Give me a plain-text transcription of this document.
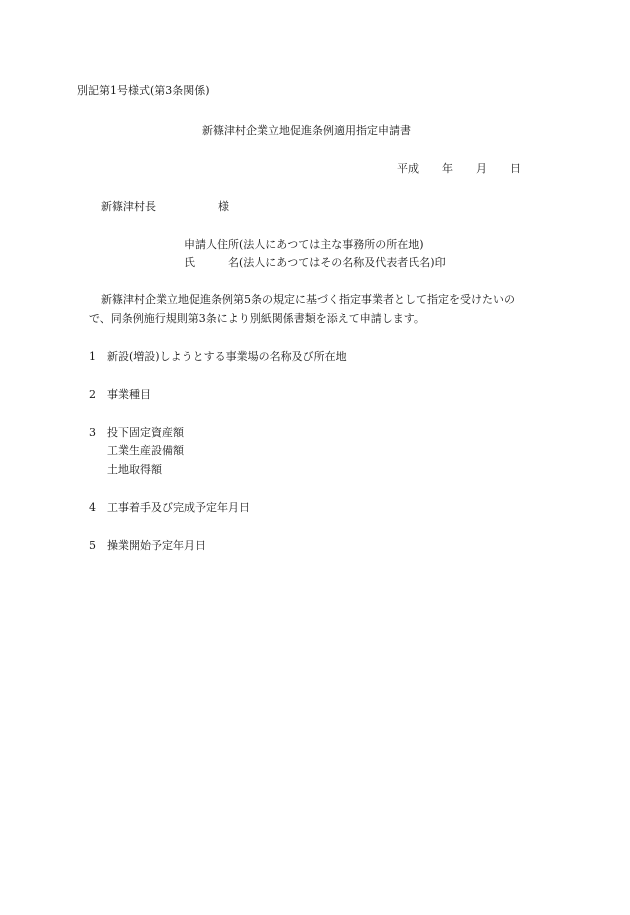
別記第1号様式(第3条関係)
新篠津村企業立地促進条例適用指定申請書
平成 年 月 日
新篠津村長	様
申請人住所(法人にあつては主な事務所の所在地)
氏	名(法人にあつてはその名称及代表者氏名)印
新篠津村企業立地促進条例第5条の規定に基づく指定事業者として指定を受けたいの
で、同条例施行規則第3条により別紙関係書類を添えて申請します。
1 新設(増設)しようとする事業場の名称及び所在地
2 事業種目
3 投下固定資産額
工業生産設備額
土地取得額
4 工事着手及び完成予定年月日
5 操業開始予定年月日
